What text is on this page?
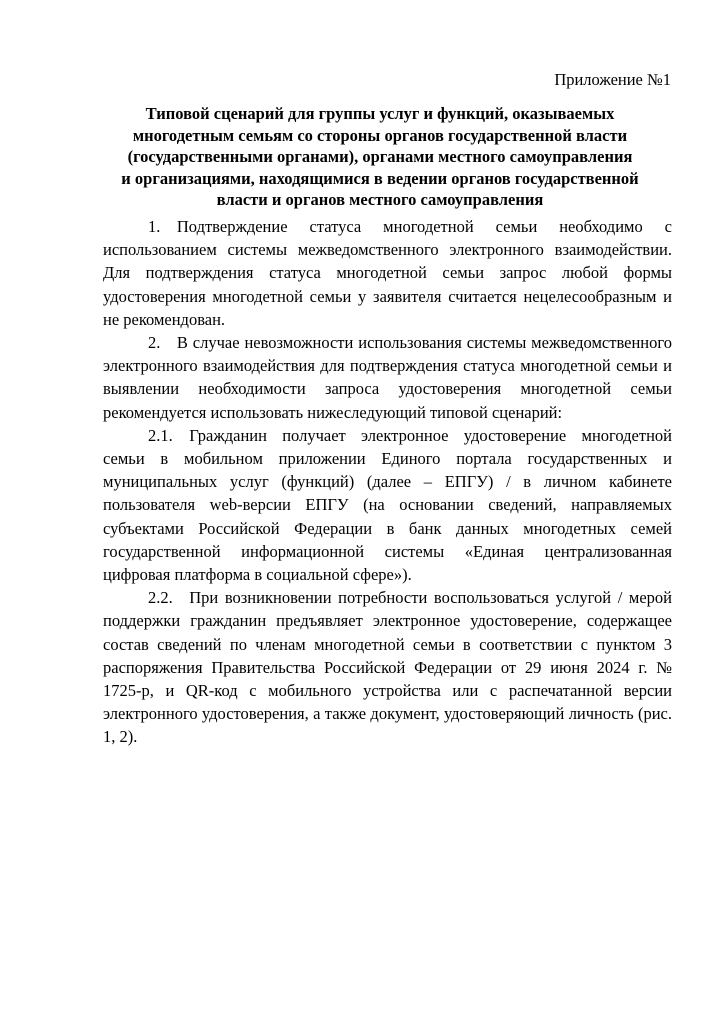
Приложение №1
Типовой сценарий для группы услуг и функций, оказываемых
многодетным семьям со стороны органов государственной власти
(государственными органами), органами местного самоуправления
и организациями, находящимися в ведении органов государственной
власти и органов местного самоуправления

1.  Подтверждение статуса многодетной семьи необходимо с использованием системы межведомственного электронного взаимодействии. Для подтверждения статуса многодетной семьи запрос любой формы удостоверения многодетной семьи у заявителя считается нецелесообразным и не рекомендован.

2.  В случае невозможности использования системы межведомственного электронного взаимодействия для подтверждения статуса многодетной семьи и выявлении необходимости запроса удостоверения многодетной семьи рекомендуется использовать нижеследующий типовой сценарий:

2.1.  Гражданин получает электронное удостоверение многодетной семьи в мобильном приложении Единого портала государственных и муниципальных услуг (функций) (далее – ЕПГУ) / в личном кабинете пользователя web-версии ЕПГУ (на основании сведений, направляемых субъектами Российской Федерации в банк данных многодетных семей государственной информационной системы «Единая централизованная цифровая платформа в социальной сфере»).

2.2.  При возникновении потребности воспользоваться услугой / мерой поддержки гражданин предъявляет электронное удостоверение, содержащее состав сведений по членам многодетной семьи в соответствии с пунктом 3 распоряжения Правительства Российской Федерации от 29 июня 2024 г. № 1725-р, и QR-код с мобильного устройства или с распечатанной версии электронного удостоверения, а также документ, удостоверяющий личность (рис. 1, 2).
